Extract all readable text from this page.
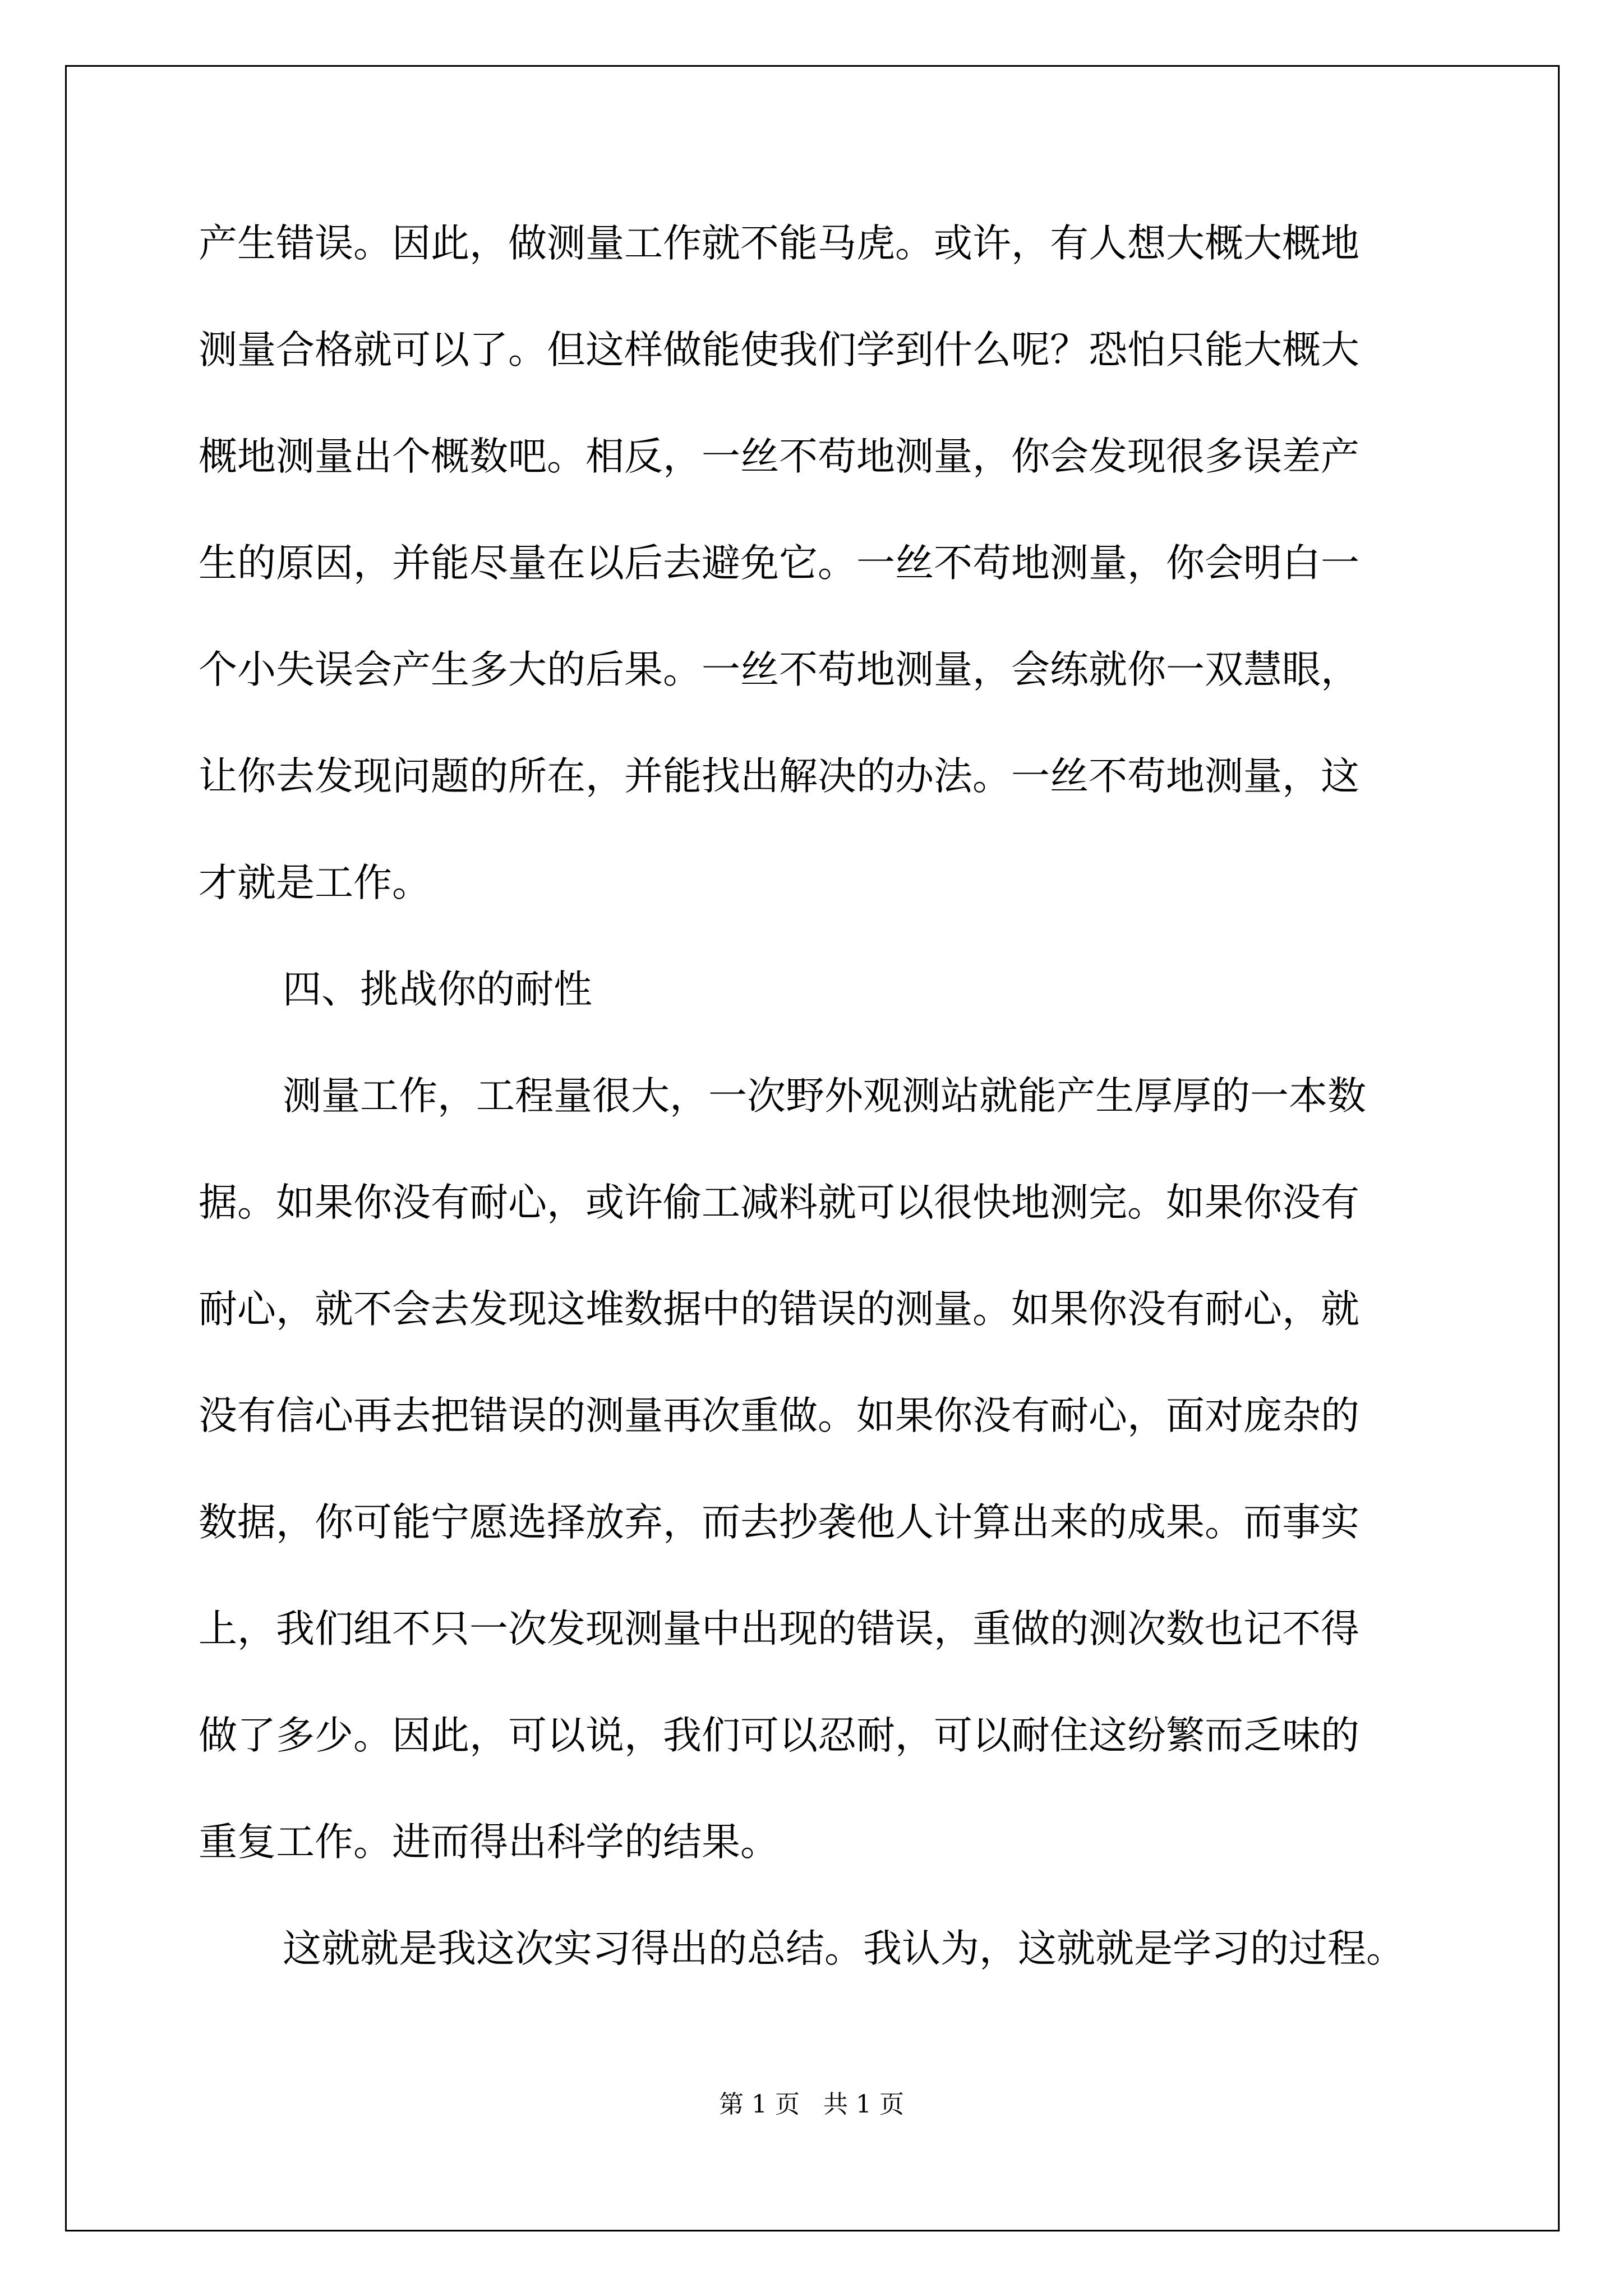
产生错误。因此，做测量工作就不能马虎。或许，有人想大概大概地

测量合格就可以了。但这样做能使我们学到什么呢？恐怕只能大概大

概地测量出个概数吧。相反，一丝不苟地测量，你会发现很多误差产

生的原因，并能尽量在以后去避免它。一丝不苟地测量，你会明白一

个小失误会产生多大的后果。一丝不苟地测量，会练就你一双慧眼，

让你去发现问题的所在，并能找出解决的办法。一丝不苟地测量，这

才就是工作。

四、挑战你的耐性

测量工作，工程量很大，一次野外观测站就能产生厚厚的一本数

据。如果你没有耐心，或许偷工减料就可以很快地测完。如果你没有

耐心，就不会去发现这堆数据中的错误的测量。如果你没有耐心，就

没有信心再去把错误的测量再次重做。如果你没有耐心，面对庞杂的

数据，你可能宁愿选择放弃，而去抄袭他人计算出来的成果。而事实

上，我们组不只一次发现测量中出现的错误，重做的测次数也记不得

做了多少。因此，可以说，我们可以忍耐，可以耐住这纷繁而乏味的

重复工作。进而得出科学的结果。

这就就是我这次实习得出的总结。我认为，这就就是学习的过程。

第 1 页   共 1 页
